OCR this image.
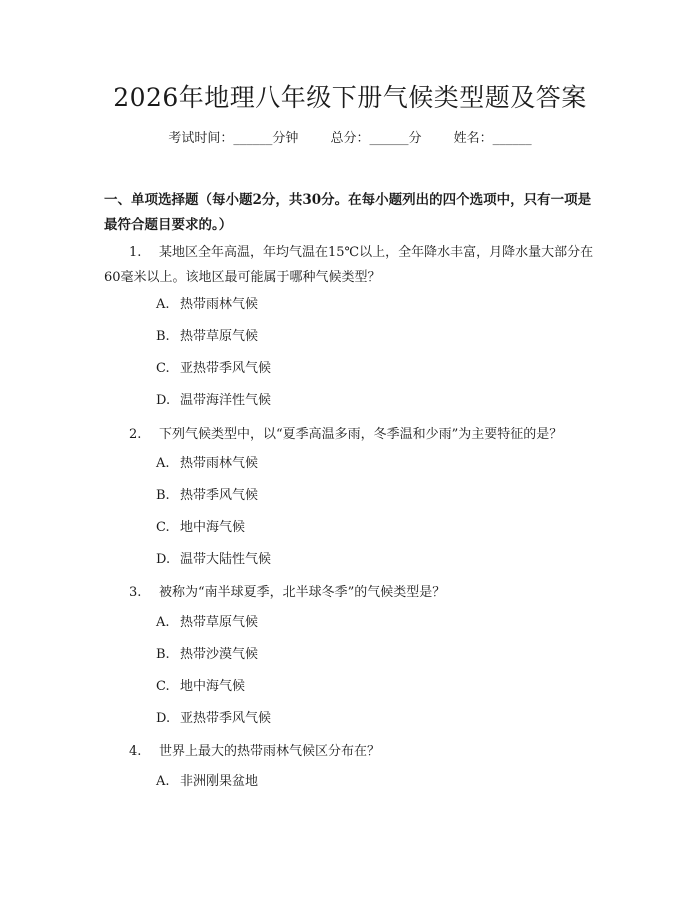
2026年地理八年级下册气候类型题及答案
考试时间：______分钟 总分：______分 姓名：______
一、单项选择题（每小题2分，共30分。在每小题列出的四个选项中，只有一项是最符合题目要求的。）
1. 某地区全年高温，年均气温在15℃以上，全年降水丰富，月降水量大部分在60毫米以上。该地区最可能属于哪种气候类型？
A. 热带雨林气候
B. 热带草原气候
C. 亚热带季风气候
D. 温带海洋性气候
2. 下列气候类型中，以“夏季高温多雨，冬季温和少雨”为主要特征的是？
A. 热带雨林气候
B. 热带季风气候
C. 地中海气候
D. 温带大陆性气候
3. 被称为“南半球夏季，北半球冬季”的气候类型是？
A. 热带草原气候
B. 热带沙漠气候
C. 地中海气候
D. 亚热带季风气候
4. 世界上最大的热带雨林气候区分布在？
A. 非洲刚果盆地
